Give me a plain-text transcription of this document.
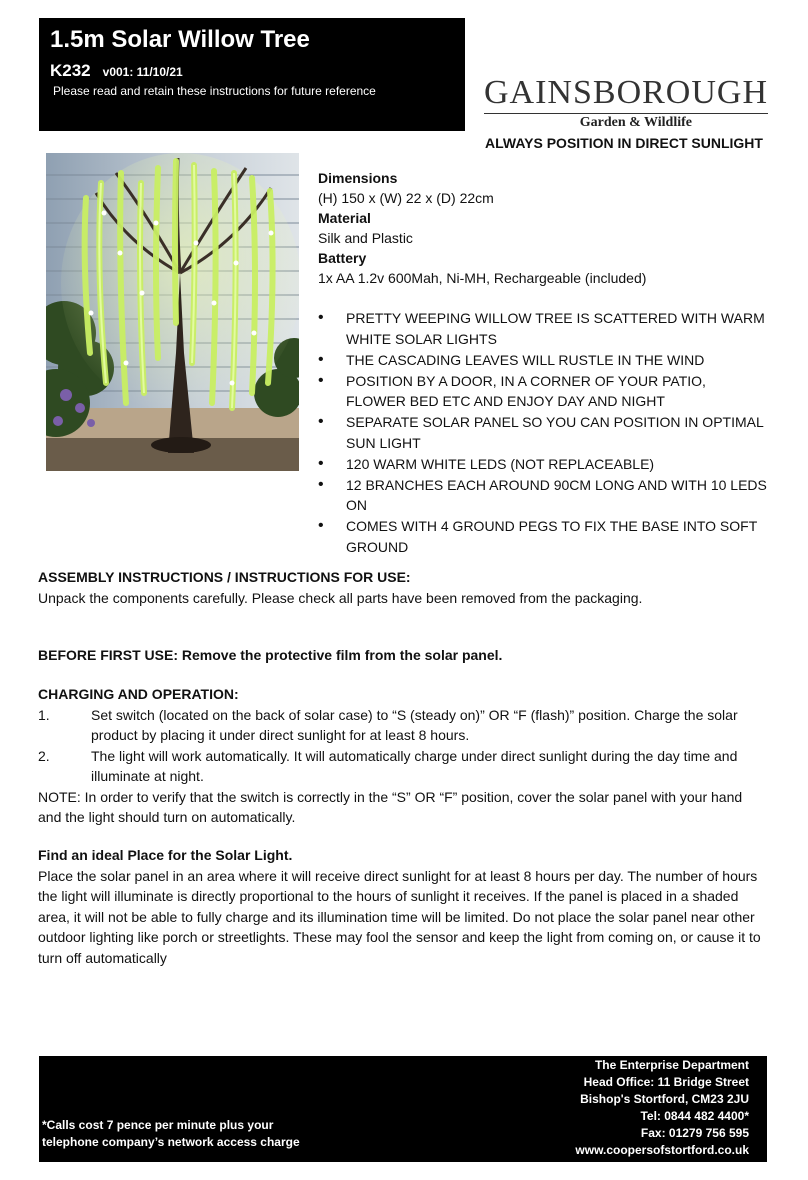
1.5m Solar Willow Tree
K232 v001: 11/10/21
Please read and retain these instructions for future reference	GAINSBOROUGH
Garden & Wildlife
ALWAYS POSITION IN DIRECT SUNLIGHT
Dimensions
(H) 150 x (W) 22 x (D) 22cm
Material
Silk and Plastic
Battery
1x AA 1.2v 600Mah, Ni-MH, Rechargeable (included)
• PRETTY WEEPING WILLOW TREE IS SCATTERED WITH WARM WHITE SOLAR LIGHTS
• THE CASCADING LEAVES WILL RUSTLE IN THE WIND
• POSITION BY A DOOR, IN A CORNER OF YOUR PATIO, FLOWER BED ETC AND ENJOY DAY AND NIGHT
• SEPARATE SOLAR PANEL SO YOU CAN POSITION IN OPTIMAL SUN LIGHT
• 120 WARM WHITE LEDS (NOT REPLACEABLE)
• 12 BRANCHES EACH AROUND 90CM LONG AND WITH 10 LEDS ON
• COMES WITH 4 GROUND PEGS TO FIX THE BASE INTO SOFT GROUND
ASSEMBLY INSTRUCTIONS / INSTRUCTIONS FOR USE:
Unpack the components carefully. Please check all parts have been removed from the packaging.
BEFORE FIRST USE: Remove the protective film from the solar panel.
CHARGING AND OPERATION:
1.	Set switch (located on the back of solar case) to “S (steady on)” OR “F (flash)” position. Charge the solar product by placing it under direct sunlight for at least 8 hours.
2.	The light will work automatically. It will automatically charge under direct sunlight during the day time and illuminate at night.
NOTE: In order to verify that the switch is correctly in the “S” OR “F” position, cover the solar panel with your hand and the light should turn on automatically.
Find an ideal Place for the Solar Light.
Place the solar panel in an area where it will receive direct sunlight for at least 8 hours per day. The number of hours the light will illuminate is directly proportional to the hours of sunlight it receives. If the panel is placed in a shaded area, it will not be able to fully charge and its illumination time will be limited. Do not place the solar panel near other outdoor lighting like porch or streetlights. These may fool the sensor and keep the light from coming on, or cause it to turn off automatically
*Calls cost 7 pence per minute plus your
telephone company’s network access charge
The Enterprise Department
Head Office: 11 Bridge Street
Bishop's Stortford, CM23 2JU
Tel: 0844 482 4400*
Fax: 01279 756 595
www.coopersofstortford.co.uk
